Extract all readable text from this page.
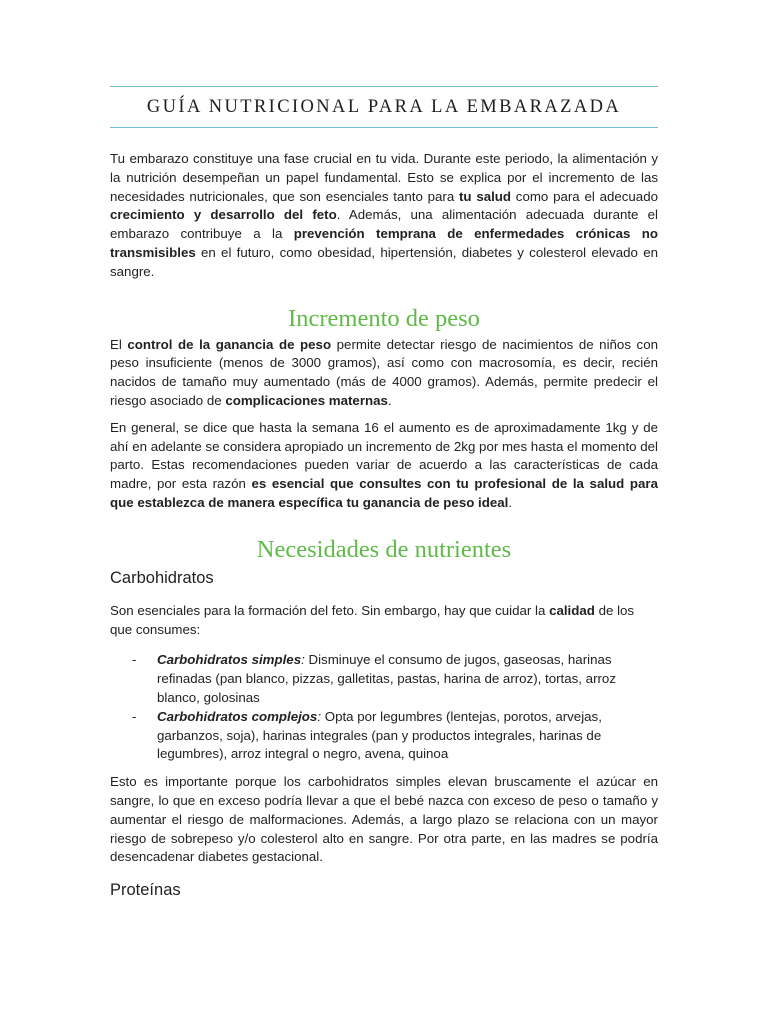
GUÍA NUTRICIONAL PARA LA EMBARAZADA

Tu embarazo constituye una fase crucial en tu vida. Durante este periodo, la alimentación y la nutrición desempeñan un papel fundamental. Esto se explica por el incremento de las necesidades nutricionales, que son esenciales tanto para tu salud como para el adecuado crecimiento y desarrollo del feto. Además, una alimentación adecuada durante el embarazo contribuye a la prevención temprana de enfermedades crónicas no transmisibles en el futuro, como obesidad, hipertensión, diabetes y colesterol elevado en sangre.

Incremento de peso

El control de la ganancia de peso permite detectar riesgo de nacimientos de niños con peso insuficiente (menos de 3000 gramos), así como con macrosomía, es decir, recién nacidos de tamaño muy aumentado (más de 4000 gramos). Además, permite predecir el riesgo asociado de complicaciones maternas.

En general, se dice que hasta la semana 16 el aumento es de aproximadamente 1kg y de ahí en adelante se considera apropiado un incremento de 2kg por mes hasta el momento del parto. Estas recomendaciones pueden variar de acuerdo a las características de cada madre, por esta razón es esencial que consultes con tu profesional de la salud para que establezca de manera específica tu ganancia de peso ideal.

Necesidades de nutrientes
Carbohidratos

Son esenciales para la formación del feto. Sin embargo, hay que cuidar la calidad de los que consumes:

- Carbohidratos simples: Disminuye el consumo de jugos, gaseosas, harinas refinadas (pan blanco, pizzas, galletitas, pastas, harina de arroz), tortas, arroz blanco, golosinas
- Carbohidratos complejos: Opta por legumbres (lentejas, porotos, arvejas, garbanzos, soja), harinas integrales (pan y productos integrales, harinas de legumbres), arroz integral o negro, avena, quinoa

Esto es importante porque los carbohidratos simples elevan bruscamente el azúcar en sangre, lo que en exceso podría llevar a que el bebé nazca con exceso de peso o tamaño y aumentar el riesgo de malformaciones. Además, a largo plazo se relaciona con un mayor riesgo de sobrepeso y/o colesterol alto en sangre. Por otra parte, en las madres se podría desencadenar diabetes gestacional.

Proteínas
